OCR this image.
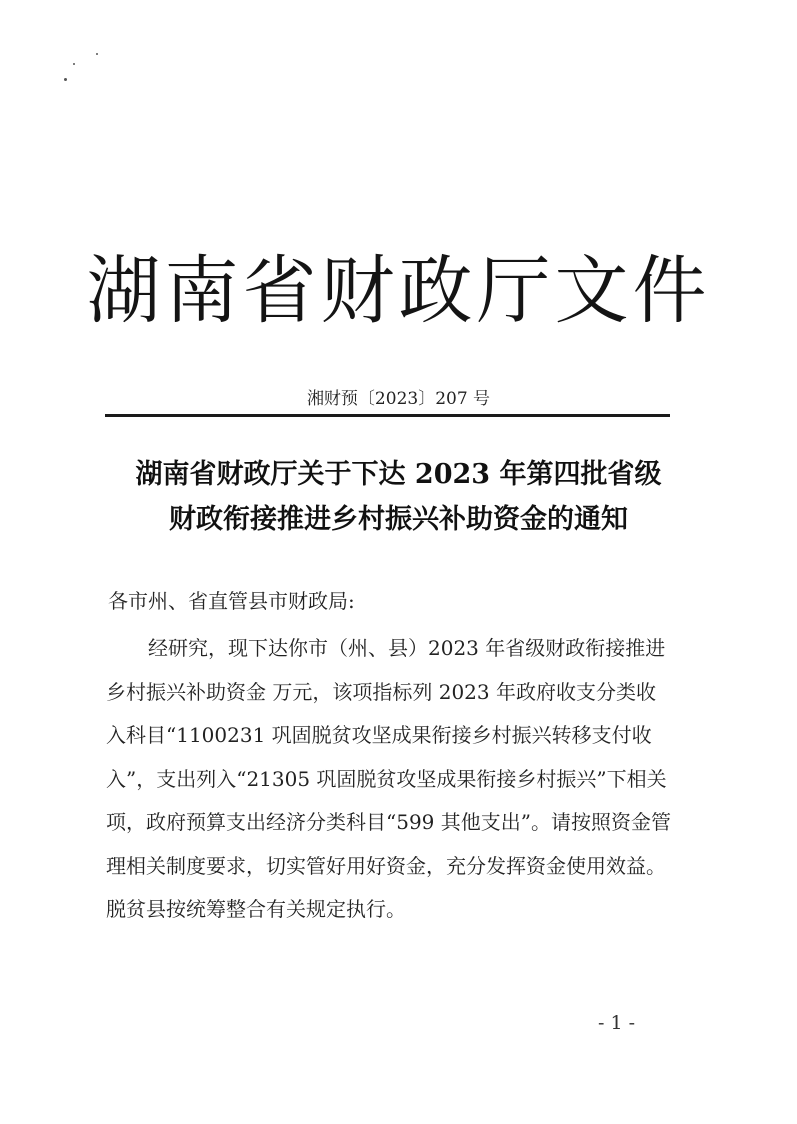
湖南省财政厅文件
湘财预〔2023〕207 号
湖南省财政厅关于下达 2023 年第四批省级
财政衔接推进乡村振兴补助资金的通知
各市州、省直管县市财政局:
经研究，现下达你市（州、县）2023 年省级财政衔接推进
乡村振兴补助资金 万元，该项指标列 2023 年政府收支分类收
入科目“1100231 巩固脱贫攻坚成果衔接乡村振兴转移支付收
入”，支出列入“21305 巩固脱贫攻坚成果衔接乡村振兴”下相关
项，政府预算支出经济分类科目“599 其他支出”。请按照资金管
理相关制度要求，切实管好用好资金，充分发挥资金使用效益。
脱贫县按统筹整合有关规定执行。
- 1 -
